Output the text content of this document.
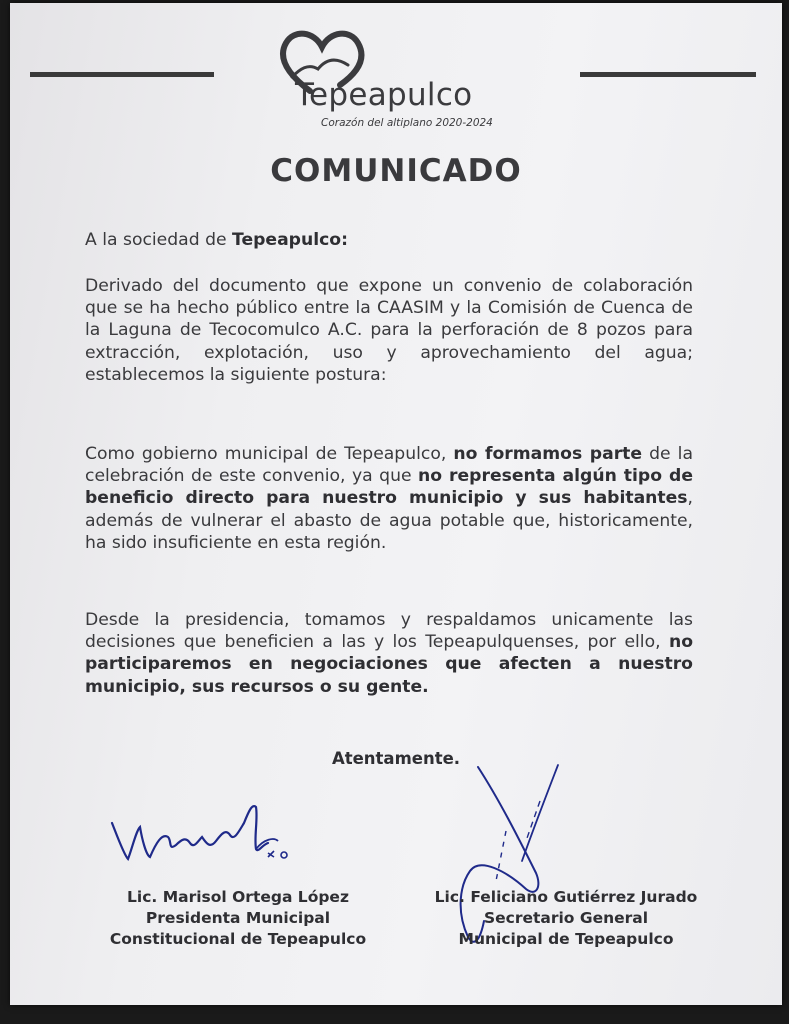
Tepeapulco
Corazón del altiplano 2020-2024
COMUNICADO
A la sociedad de Tepeapulco:
Derivado del documento que expone un convenio de colaboración que se ha hecho público entre la CAASIM y la Comisión de Cuenca de la Laguna de Tecocomulco A.C. para la perforación de 8 pozos para extracción, explotación, uso y aprovechamiento del agua; establecemos la siguiente postura:
Como gobierno municipal de Tepeapulco, no formamos parte de la celebración de este convenio, ya que no representa algún tipo de beneficio directo para nuestro municipio y sus habitantes, además de vulnerar el abasto de agua potable que, historicamente, ha sido insuficiente en esta región.
Desde la presidencia, tomamos y respaldamos unicamente las decisiones que beneficien a las y los Tepeapulquenses, por ello, no participaremos en negociaciones que afecten a nuestro municipio, sus recursos o su gente.
Atentamente.
Lic. Marisol Ortega López
Presidenta Municipal
Constitucional de Tepeapulco
Lic. Feliciano Gutiérrez Jurado
Secretario General
Municipal de Tepeapulco
